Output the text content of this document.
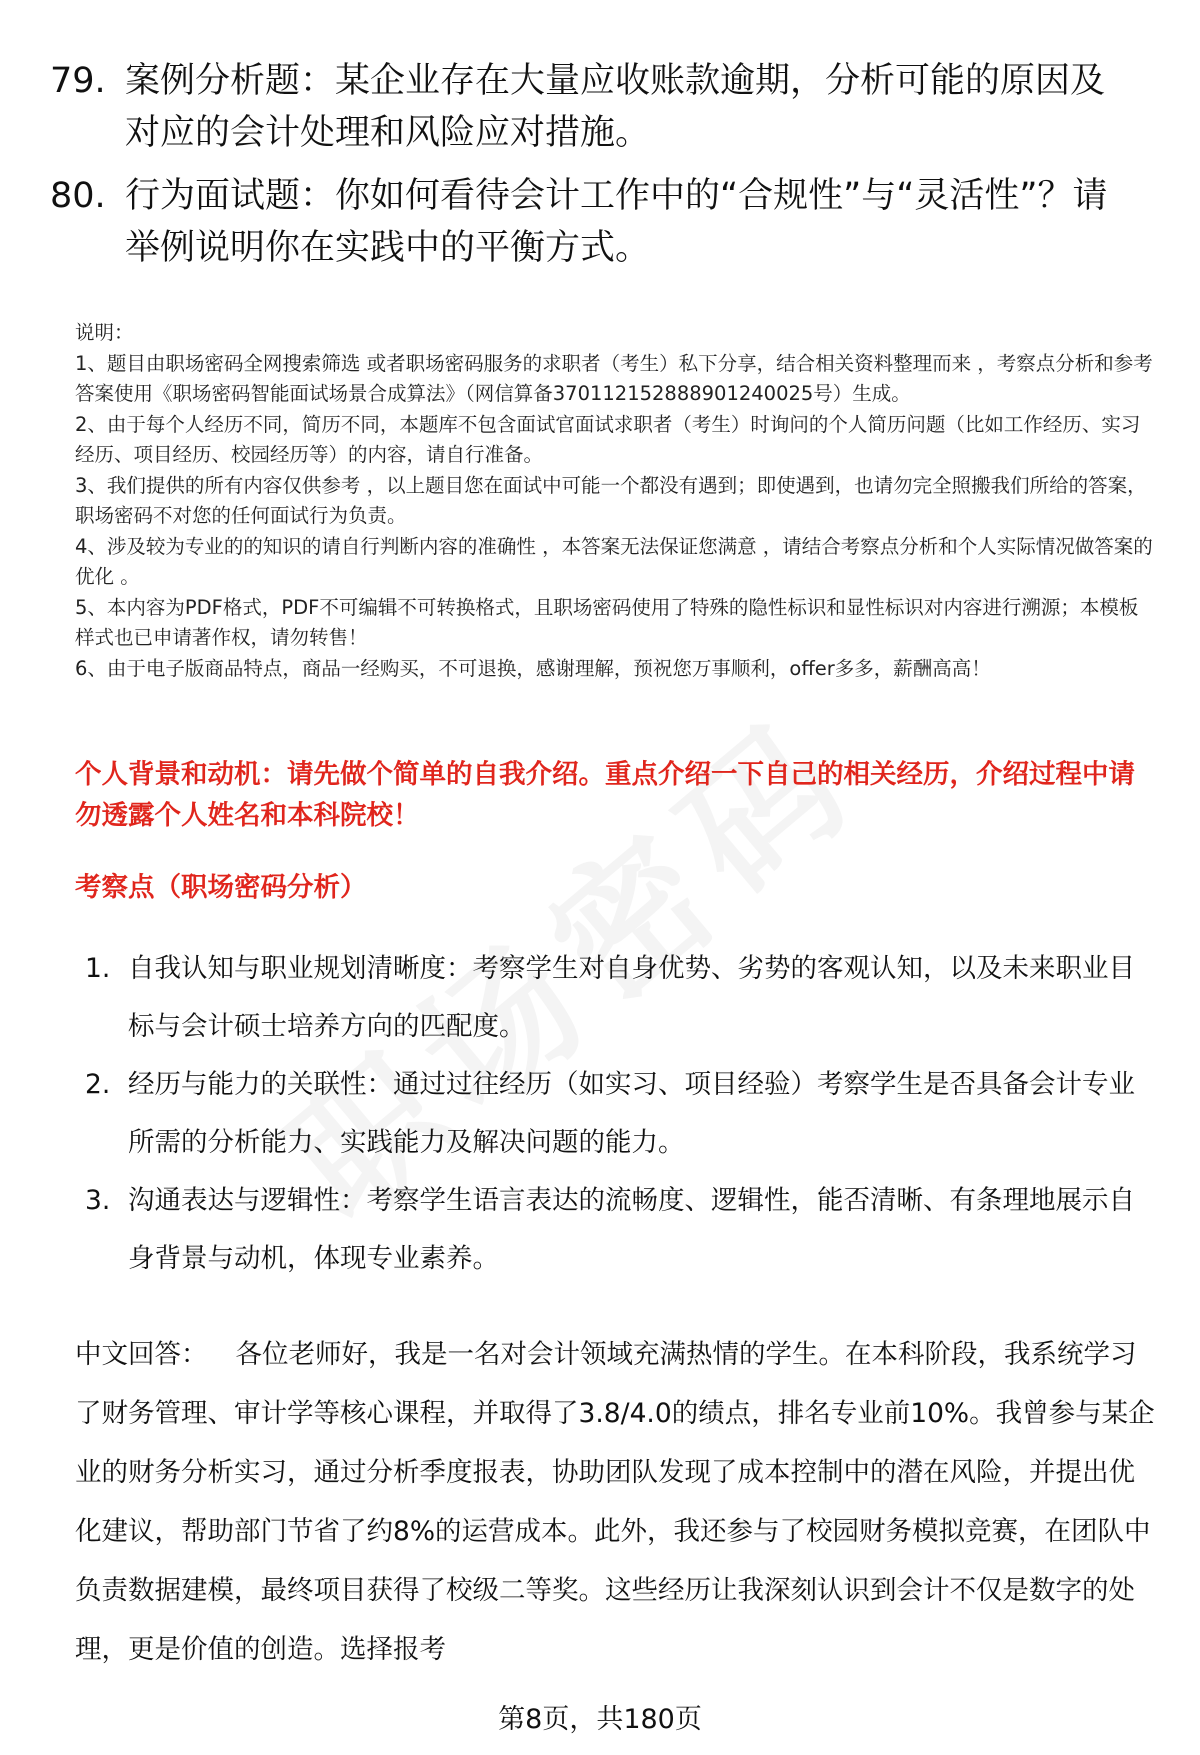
79. 案例分析题：某企业存在大量应收账款逾期，分析可能的原因及对应的会计处理和风险应对措施。
80. 行为面试题：你如何看待会计工作中的“合规性”与“灵活性”？请举例说明你在实践中的平衡方式。

说明：

1、题目由职场密码全网搜索筛选 或者职场密码服务的求职者（考生）私下分享，结合相关资料整理而来 ，考察点分析和参考答案使用《职场密码智能面试场景合成算法》（网信算备370112152888901240025号）生成。

2、由于每个人经历不同，简历不同，本题库不包含面试官面试求职者（考生）时询问的个人简历问题（比如工作经历、实习经历、项目经历、校园经历等）的内容，请自行准备。

3、我们提供的所有内容仅供参考 ，以上题目您在面试中可能一个都没有遇到；即使遇到，也请勿完全照搬我们所给的答案，职场密码不对您的任何面试行为负责。

4、涉及较为专业的的知识的请自行判断内容的准确性 ，本答案无法保证您满意 ，请结合考察点分析和个人实际情况做答案的优化 。

5、本内容为PDF格式，PDF不可编辑不可转换格式，且职场密码使用了特殊的隐性标识和显性标识对内容进行溯源；本模板样式也已申请著作权，请勿转售！

6、由于电子版商品特点，商品一经购买，不可退换，感谢理解，预祝您万事顺利，offer多多，薪酬高高！

个人背景和动机：请先做个简单的自我介绍。重点介绍一下自己的相关经历，介绍过程中请勿透露个人姓名和本科院校！
考察点（职场密码分析）
1. 自我认知与职业规划清晰度：考察学生对自身优势、劣势的客观认知，以及未来职业目标与会计硕士培养方向的匹配度。
2. 经历与能力的关联性：通过过往经历（如实习、项目经验）考察学生是否具备会计专业所需的分析能力、实践能力及解决问题的能力。
3. 沟通表达与逻辑性：考察学生语言表达的流畅度、逻辑性，能否清晰、有条理地展示自身背景与动机，体现专业素养。
中文回答： 各位老师好，我是一名对会计领域充满热情的学生。在本科阶段，我系统学习了财务管理、审计学等核心课程，并取得了3.8/4.0的绩点，排名专业前10%。我曾参与某企业的财务分析实习，通过分析季度报表，协助团队发现了成本控制中的潜在风险，并提出优化建议，帮助部门节省了约8%的运营成本。此外，我还参与了校园财务模拟竞赛，在团队中负责数据建模，最终项目获得了校级二等奖。这些经历让我深刻认识到会计不仅是数字的处理，更是价值的创造。选择报考
第8页，共180页
